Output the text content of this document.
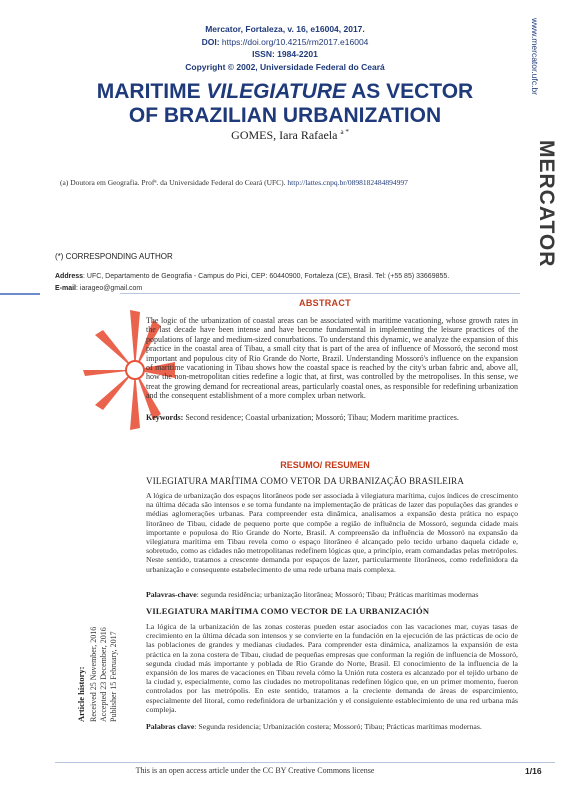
Mercator, Fortaleza, v. 16, e16004, 2017.
DOI: https://doi.org/10.4215/rm2017.e16004
ISSN: 1984-2201
Copyright © 2002, Universidade Federal do Ceará	www.mercator.ufc.br
MERCATOR
MARITIME VILEGIATURE AS VECTOR
OF BRAZILIAN URBANIZATION
GOMES, Iara Rafaela $^{a *}$
(a) Doutora em Geografia. Profª. da Universidade Federal do Ceará (UFC). http://lattes.cnpq.br/0898182484894997
(*) CORRESPONDING AUTHOR
Address: UFC, Departamento de Geografia - Campus do Pici, CEP: 60440900, Fortaleza (CE), Brasil. Tel: (+55 85) 33669855.
E-mail: iarageo@gmail.com
ABSTRACT
The logic of the urbanization of coastal areas can be associated with maritime vacationing, whose growth rates in the last decade have been intense and have become fundamental in implementing the leisure practices of the populations of large and medium-sized conurbations. To understand this dynamic, we analyze the expansion of this practice in the coastal area of Tibau, a small city that is part of the area of influence of Mossoró, the second most important and populous city of Rio Grande do Norte, Brazil. Understanding Mossoró's influence on the expansion of maritime vacationing in Tibau shows how the coastal space is reached by the city's urban fabric and, above all, how the non-metropolitan cities redefine a logic that, at first, was controlled by the metropolises. In this sense, we treat the growing demand for recreational areas, particularly coastal ones, as responsible for redefining urbanization and the consequent establishment of a more complex urban network.
Keywords: Second residence; Coastal urbanization; Mossoró; Tibau; Modern maritime practices.
RESUMO/ RESUMEN
VILEGIATURA MARÍTIMA COMO VETOR DA URBANIZAÇÃO BRASILEIRA
A lógica de urbanização dos espaços litorâneos pode ser associada à vilegiatura marítima, cujos índices de crescimento na última década são intensos e se torna fundante na implementação de práticas de lazer das populações das grandes e médias aglomerações urbanas. Para compreender esta dinâmica, analisamos a expansão desta prática no espaço litorâneo de Tibau, cidade de pequeno porte que compõe a região de influência de Mossoró, segunda cidade mais importante e populosa do Rio Grande do Norte, Brasil. A compreensão da influência de Mossoró na expansão da vilegiatura marítima em Tibau revela como o espaço litorâneo é alcançado pelo tecido urbano daquela cidade e, sobretudo, como as cidades não metropolitanas redefinem lógicas que, a princípio, eram comandadas pelas metrópoles. Neste sentido, tratamos a crescente demanda por espaços de lazer, particularmente litorâneos, como redefinidora da urbanização e consequente estabelecimento de uma rede urbana mais complexa.
Palavras-chave: segunda residência; urbanização litorânea; Mossoró; Tibau; Práticas marítimas modernas
VILEGIATURA MARÍTIMA COMO VECTOR DE LA URBANIZACIÓN
La lógica de la urbanización de las zonas costeras pueden estar asociados con las vacaciones mar, cuyas tasas de crecimiento en la última década son intensos y se convierte en la fundación en la ejecución de las prácticas de ocio de las poblaciones de grandes y medianas ciudades. Para comprender esta dinámica, analizamos la expansión de esta práctica en la zona costera de Tibau, ciudad de pequeñas empresas que conforman la región de influencia de Mossoró, segunda ciudad más importante y poblada de Rio Grande do Norte, Brasil. El conocimiento de la influencia de la expansión de los mares de vacaciones en Tibau revela cómo la Unión ruta costera es alcanzado por el tejido urbano de la ciudad y, especialmente, como las ciudades no metropolitanas redefinen lógico que, en un primer momento, fueron controlados por las metrópolis. En este sentido, tratamos a la creciente demanda de áreas de esparcimiento, especialmente del litoral, como redefinidora de urbanización y el consiguiente establecimiento de una red urbana más compleja.
Palabras clave: Segunda residencia; Urbanización costera; Mossoró; Tibau; Prácticas marítimas modernas.
Article history: Received 25 November, 2016 Accepted 23 December, 2016 Publisher 15 February, 2017
This is an open access article under the CC BY Creative Commons license	1/16
